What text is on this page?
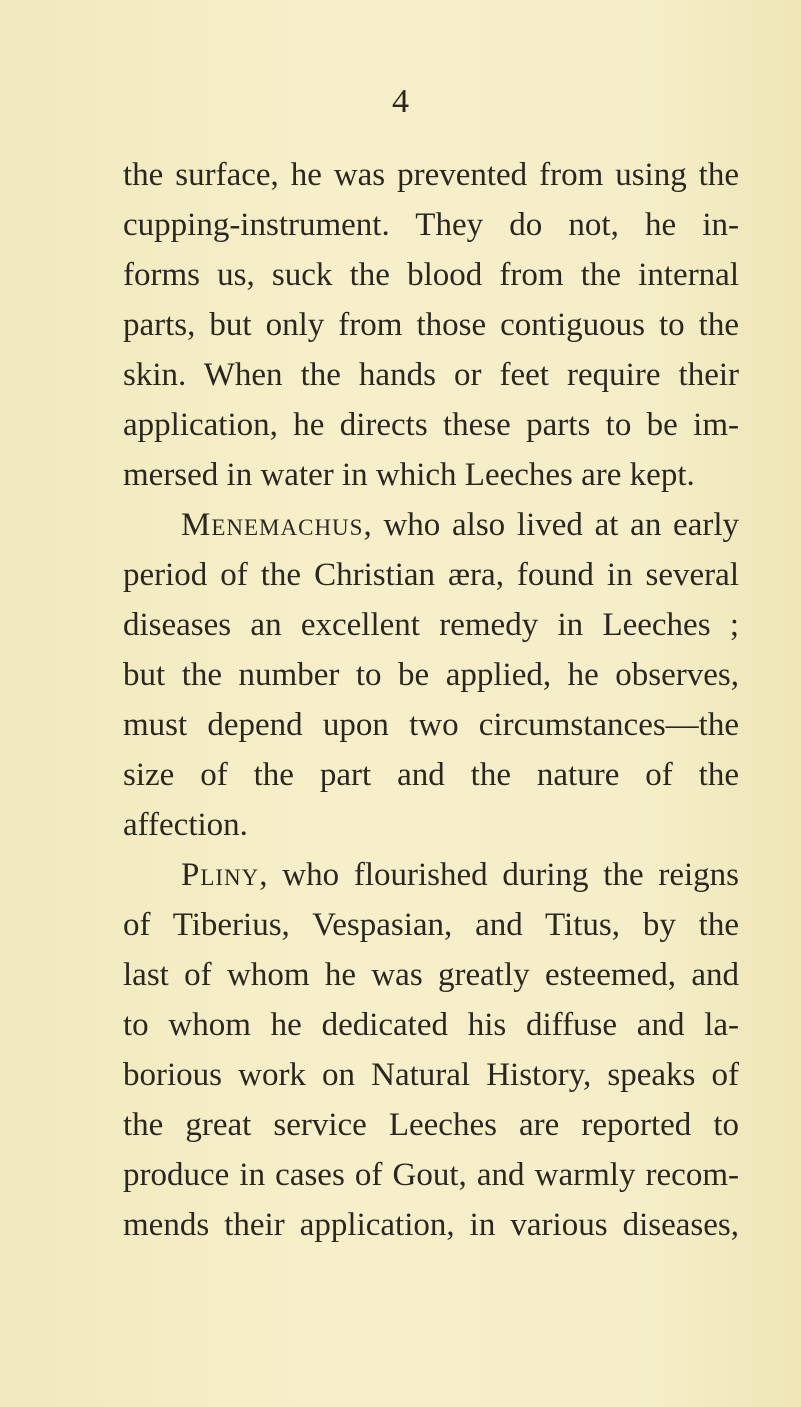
4
the surface, he was prevented from using the
cupping-instrument. They do not, he in-
forms us, suck the blood from the internal
parts, but only from those contiguous to the
skin. When the hands or feet require their
application, he directs these parts to be im-
mersed in water in which Leeches are kept.
Menemachus, who also lived at an early
period of the Christian æra, found in several
diseases an excellent remedy in Leeches ;
but the number to be applied, he observes,
must depend upon two circumstances—the
size of the part and the nature of the
affection.
Pliny, who flourished during the reigns
of Tiberius, Vespasian, and Titus, by the
last of whom he was greatly esteemed, and
to whom he dedicated his diffuse and la-
borious work on Natural History, speaks of
the great service Leeches are reported to
produce in cases of Gout, and warmly recom-
mends their application, in various diseases,
